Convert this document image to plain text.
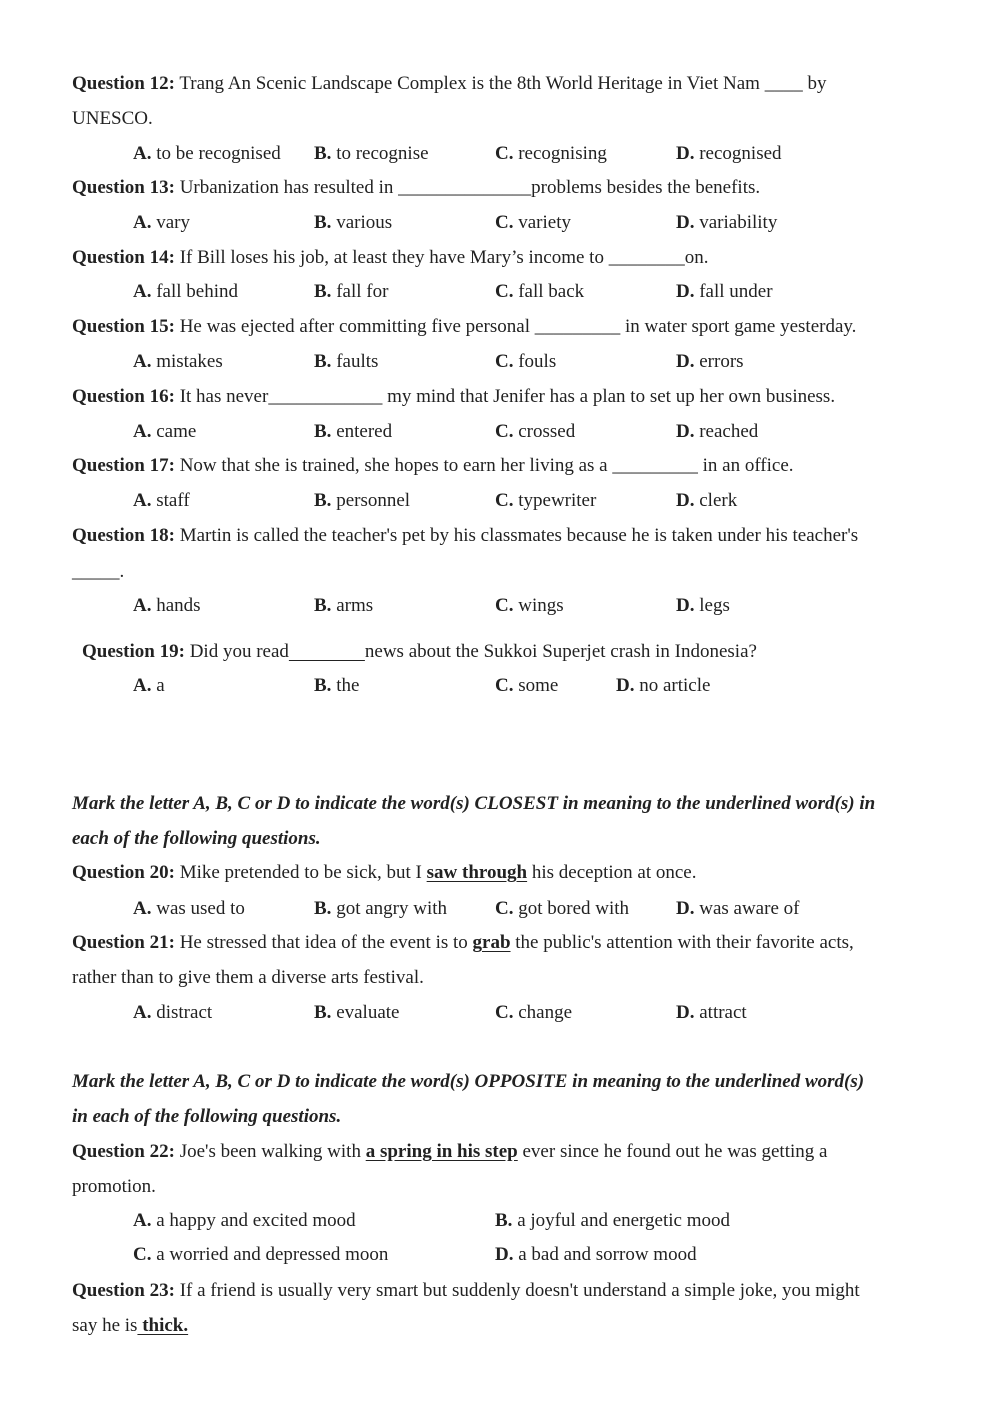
Question 12: Trang An Scenic Landscape Complex is the 8th World Heritage in Viet Nam ____ by
UNESCO.
A. to be recognised B. to recognise	C. recognising	D. recognised
Question 13: Urbanization has resulted in ______________problems besides the benefits.
A. vary	B. various	C. variety	D. variability
Question 14: If Bill loses his job, at least they have Mary’s income to ________on.
A. fall behind	B. fall for	C. fall back	D. fall under
Question 15: He was ejected after committing five personal _________ in water sport game yesterday.
A. mistakes	B. faults	C. fouls	D. errors
Question 16: It has never____________ my mind that Jenifer has a plan to set up her own business.
A. came	B. entered	C. crossed	D. reached
Question 17: Now that she is trained, she hopes to earn her living as a _________ in an office.
A. staff	B. personnel	C. typewriter	D. clerk
Question 18: Martin is called the teacher's pet by his classmates because he is taken under his teacher's
_____.
A. hands	B. arms	C. wings	D. legs
Question 19: Did you read________news about the Sukkoi Superjet crash in Indonesia?
A. a	B. the	C. some	D. no article
Mark the letter A, B, C or D to indicate the word(s) CLOSEST in meaning to the underlined word(s) in
each of the following questions.
Question 20: Mike pretended to be sick, but I saw through his deception at once.
A. was used to	B. got angry with	C. got bored with D. was aware of
Question 21: He stressed that idea of the event is to grab the public's attention with their favorite acts,
rather than to give them a diverse arts festival.
A. distract	B. evaluate	C. change	D. attract
Mark the letter A, B, C or D to indicate the word(s) OPPOSITE in meaning to the underlined word(s)
in each of the following questions.
Question 22: Joe's been walking with a spring in his step ever since he found out he was getting a
promotion.
A. a happy and excited mood	B. a joyful and energetic mood
C. a worried and depressed moon	D. a bad and sorrow mood
Question 23: If a friend is usually very smart but suddenly doesn't understand a simple joke, you might
say he is thick.
